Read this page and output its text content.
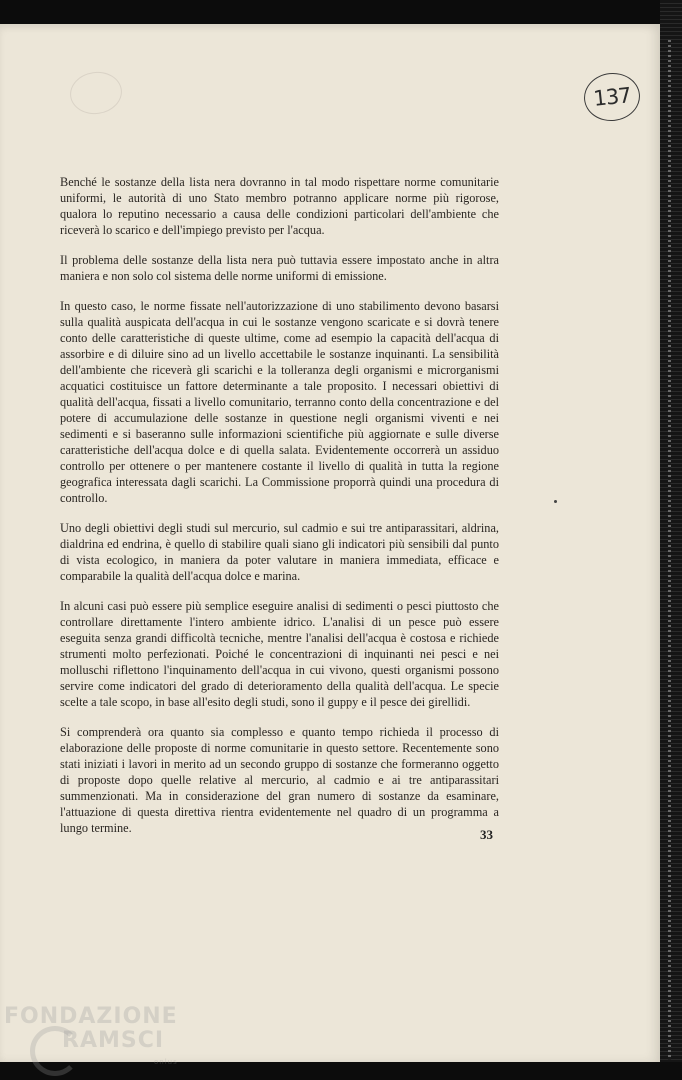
137

Benché le sostanze della lista nera dovranno in tal modo rispettare norme comunitarie uniformi, le autorità di uno Stato membro potranno applicare norme più rigorose, qualora lo reputino necessario a causa delle condizioni particolari dell'ambiente che riceverà lo scarico e dell'impiego previsto per l'acqua.

Il problema delle sostanze della lista nera può tuttavia essere impostato anche in altra maniera e non solo col sistema delle norme uniformi di emissione.

In questo caso, le norme fissate nell'autorizzazione di uno stabilimento devono basarsi sulla qualità auspicata dell'acqua in cui le sostanze vengono scaricate e si dovrà tenere conto delle caratteristiche di queste ultime, come ad esempio la capacità dell'acqua di assorbire e di diluire sino ad un livello accettabile le sostanze inquinanti. La sensibilità dell'ambiente che riceverà gli scarichi e la tolleranza degli organismi e microrganismi acquatici costituisce un fattore determinante a tale proposito. I necessari obiettivi di qualità dell'acqua, fissati a livello comunitario, terranno conto della concentrazione e del potere di accumulazione delle sostanze in questione negli organismi viventi e nei sedimenti e si baseranno sulle informazioni scientifiche più aggiornate e sulle diverse caratteristiche dell'acqua dolce e di quella salata. Evidentemente occorrerà un assiduo controllo per ottenere o per mantenere costante il livello di qualità in tutta la regione geografica interessata dagli scarichi. La Commissione proporrà quindi una procedura di controllo.

Uno degli obiettivi degli studi sul mercurio, sul cadmio e sui tre antiparassitari, aldrina, dialdrina ed endrina, è quello di stabilire quali siano gli indicatori più sensibili dal punto di vista ecologico, in maniera da poter valutare in maniera immediata, efficace e comparabile la qualità dell'acqua dolce e marina.

In alcuni casi può essere più semplice eseguire analisi di sedimenti o pesci piuttosto che controllare direttamente l'intero ambiente idrico. L'analisi di un pesce può essere eseguita senza grandi difficoltà tecniche, mentre l'analisi dell'acqua è costosa e richiede strumenti molto perfezionati. Poiché le concentrazioni di inquinanti nei pesci e nei molluschi riflettono l'inquinamento dell'acqua in cui vivono, questi organismi possono servire come indicatori del grado di deterioramento della qualità dell'acqua. Le specie scelte a tale scopo, in base all'esito degli studi, sono il guppy e il pesce dei girellidi.

Si comprenderà ora quanto sia complesso e quanto tempo richieda il processo di elaborazione delle proposte di norme comunitarie in questo settore. Recentemente sono stati iniziati i lavori in merito ad un secondo gruppo di sostanze che formeranno oggetto di proposte dopo quelle relative al mercurio, al cadmio e ai tre antiparassitari summenzionati. Ma in considerazione del gran numero di sostanze da esaminare, l'attuazione di questa direttiva rientra evidentemente nel quadro di un programma a lungo termine.	33
FONDAZIONE
RAMSCI
onlus
